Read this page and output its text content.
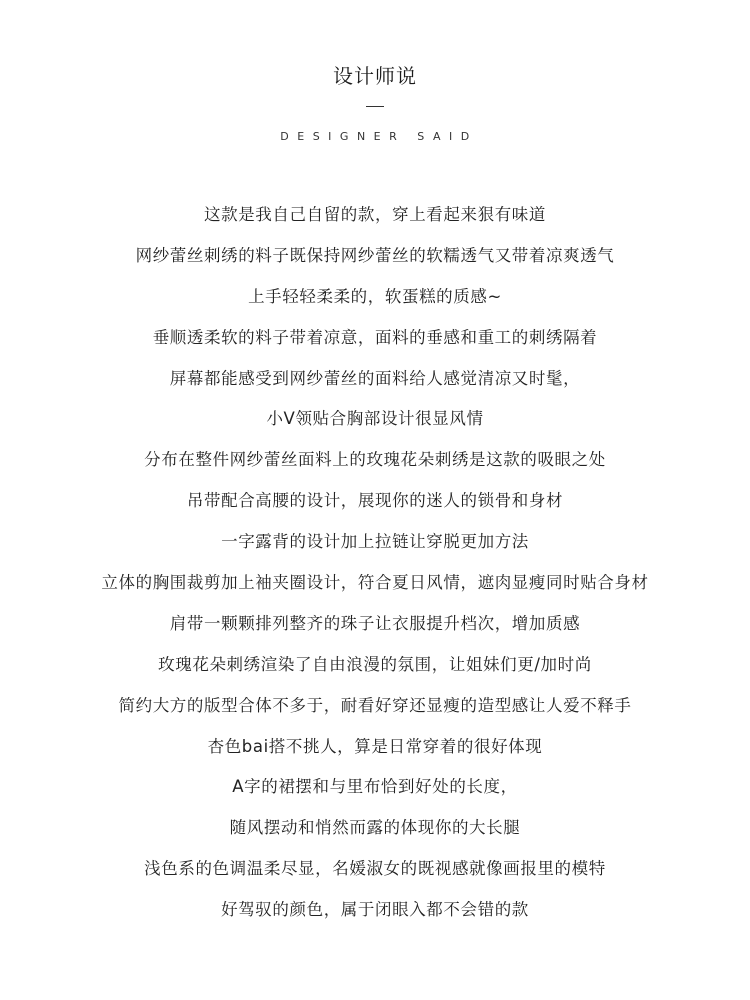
设计师说
DESIGNER SAID
这款是我自己自留的款，穿上看起来狠有味道
网纱蕾丝刺绣的料子既保持网纱蕾丝的软糯透气又带着凉爽透气
上手轻轻柔柔的，软蛋糕的质感~
垂顺透柔软的料子带着凉意，面料的垂感和重工的刺绣隔着
屏幕都能感受到网纱蕾丝的面料给人感觉清凉又时髦，
小V领贴合胸部设计很显风情
分布在整件网纱蕾丝面料上的玫瑰花朵刺绣是这款的吸眼之处
吊带配合高腰的设计，展现你的迷人的锁骨和身材
一字露背的设计加上拉链让穿脱更加方法
立体的胸围裁剪加上袖夹圈设计，符合夏日风情，遮肉显瘦同时贴合身材
肩带一颗颗排列整齐的珠子让衣服提升档次，增加质感
玫瑰花朵刺绣渲染了自由浪漫的氛围，让姐妹们更/加时尚
简约大方的版型合体不多于，耐看好穿还显瘦的造型感让人爱不释手
杏色bai搭不挑人，算是日常穿着的很好体现
A字的裙摆和与里布恰到好处的长度，
随风摆动和悄然而露的体现你的大长腿
浅色系的色调温柔尽显，名媛淑女的既视感就像画报里的模特
好驾驭的颜色，属于闭眼入都不会错的款
